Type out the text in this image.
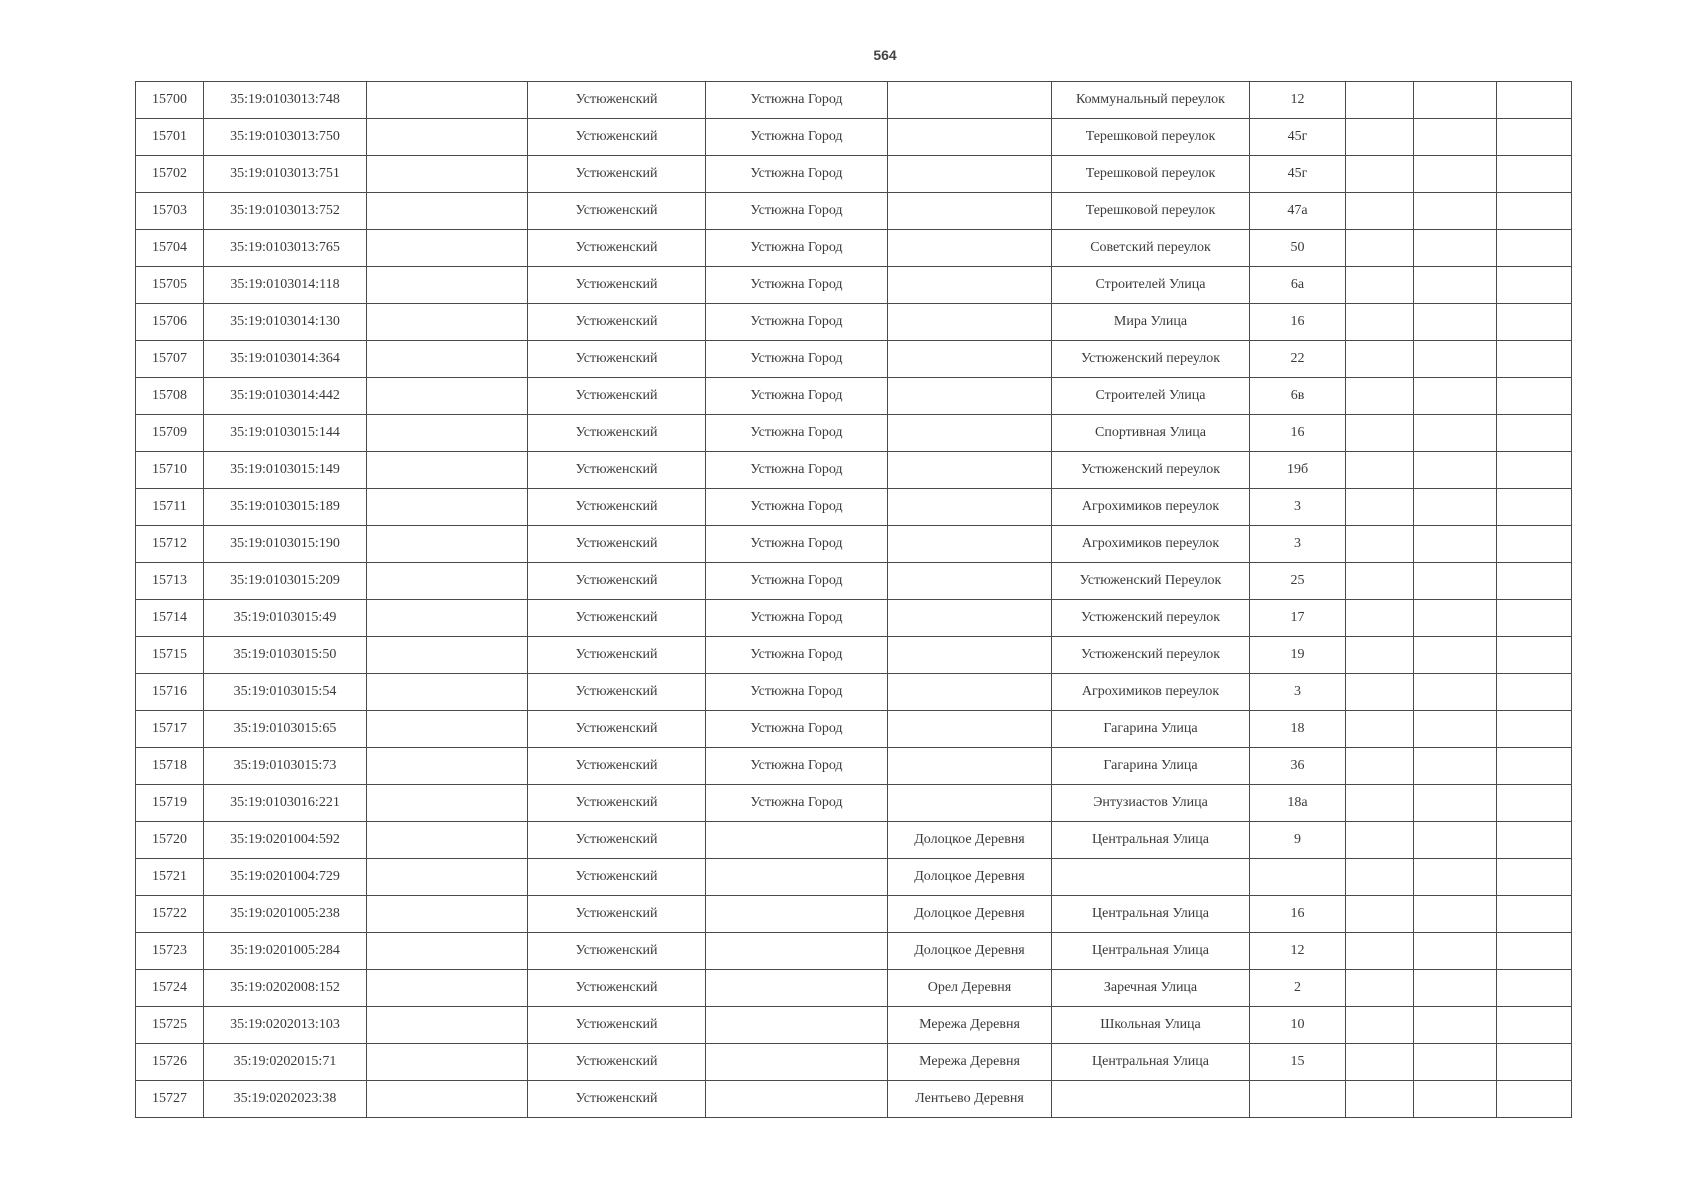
564
15700	35:19:0103013:748		Устюженский	Устюжна Город		Коммунальный переулок	12			
15701	35:19:0103013:750		Устюженский	Устюжна Город		Терешковой переулок	45г			
15702	35:19:0103013:751		Устюженский	Устюжна Город		Терешковой переулок	45г			
15703	35:19:0103013:752		Устюженский	Устюжна Город		Терешковой переулок	47а			
15704	35:19:0103013:765		Устюженский	Устюжна Город		Советский переулок	50			
15705	35:19:0103014:118		Устюженский	Устюжна Город		Строителей Улица	6а			
15706	35:19:0103014:130		Устюженский	Устюжна Город		Мира Улица	16			
15707	35:19:0103014:364		Устюженский	Устюжна Город		Устюженский переулок	22			
15708	35:19:0103014:442		Устюженский	Устюжна Город		Строителей Улица	6в			
15709	35:19:0103015:144		Устюженский	Устюжна Город		Спортивная Улица	16			
15710	35:19:0103015:149		Устюженский	Устюжна Город		Устюженский переулок	19б			
15711	35:19:0103015:189		Устюженский	Устюжна Город		Агрохимиков переулок	3			
15712	35:19:0103015:190		Устюженский	Устюжна Город		Агрохимиков переулок	3			
15713	35:19:0103015:209		Устюженский	Устюжна Город		Устюженский Переулок	25			
15714	35:19:0103015:49		Устюженский	Устюжна Город		Устюженский переулок	17			
15715	35:19:0103015:50		Устюженский	Устюжна Город		Устюженский переулок	19			
15716	35:19:0103015:54		Устюженский	Устюжна Город		Агрохимиков переулок	3			
15717	35:19:0103015:65		Устюженский	Устюжна Город		Гагарина Улица	18			
15718	35:19:0103015:73		Устюженский	Устюжна Город		Гагарина Улица	36			
15719	35:19:0103016:221		Устюженский	Устюжна Город		Энтузиастов Улица	18а			
15720	35:19:0201004:592		Устюженский		Долоцкое Деревня	Центральная Улица	9			
15721	35:19:0201004:729		Устюженский		Долоцкое Деревня					
15722	35:19:0201005:238		Устюженский		Долоцкое Деревня	Центральная Улица	16			
15723	35:19:0201005:284		Устюженский		Долоцкое Деревня	Центральная Улица	12			
15724	35:19:0202008:152		Устюженский		Орел Деревня	Заречная Улица	2			
15725	35:19:0202013:103		Устюженский		Мережа Деревня	Школьная Улица	10			
15726	35:19:0202015:71		Устюженский		Мережа Деревня	Центральная Улица	15			
15727	35:19:0202023:38		Устюженский		Лентьево Деревня					
